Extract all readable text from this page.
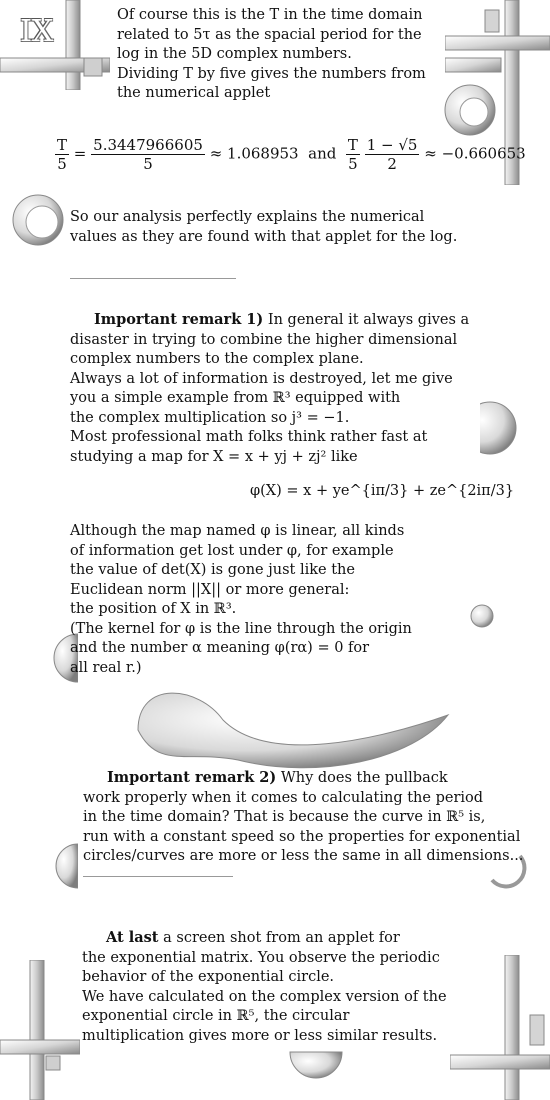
IX	Of course this is the T in the time domain
related to 5τ as the spacial period for the
log in the 5D complex numbers.
Dividing T by five gives the numbers from
the numerical applet
$\frac{T}{5} = \frac{5.3447966605}{5} \approx 1.068953$ and $\frac{T}{5}$
$\frac{1 - √5}{2} \approx -0.660653$
So our analysis perfectly explains the numerical
values as they are found with that applet for the log.
Important remark 1) In general it always gives a
disaster in trying to combine the higher dimensional
complex numbers to the complex plane.
Always a lot of information is destroyed, let me give
you a simple example from ℝ³ equipped with
the complex multiplication so j³ = −1.
Most professional math folks think rather fast at
studying a map for X = x + yj + zj² like
φ(X) = x + ye^{iπ/3} + ze^{2iπ/3}
Although the map named φ is linear, all kinds
of information get lost under φ, for example
the value of det(X) is gone just like the
Euclidean norm ||X|| or more general:
the position of X in ℝ³.
(The kernel for φ is the line through the origin
and the number α meaning φ(rα) = 0 for
all real r.)
Important remark 2) Why does the pullback
work properly when it comes to calculating the period
in the time domain? That is because the curve in ℝ⁵ is,
run with a constant speed so the properties for exponential
circles/curves are more or less the same in all dimensions...
At last a screen shot from an applet for
the exponential matrix. You observe the periodic
behavior of the exponential circle.
We have calculated on the complex version of the
exponential circle in ℝ⁵, the circular
multiplication gives more or less similar results.
